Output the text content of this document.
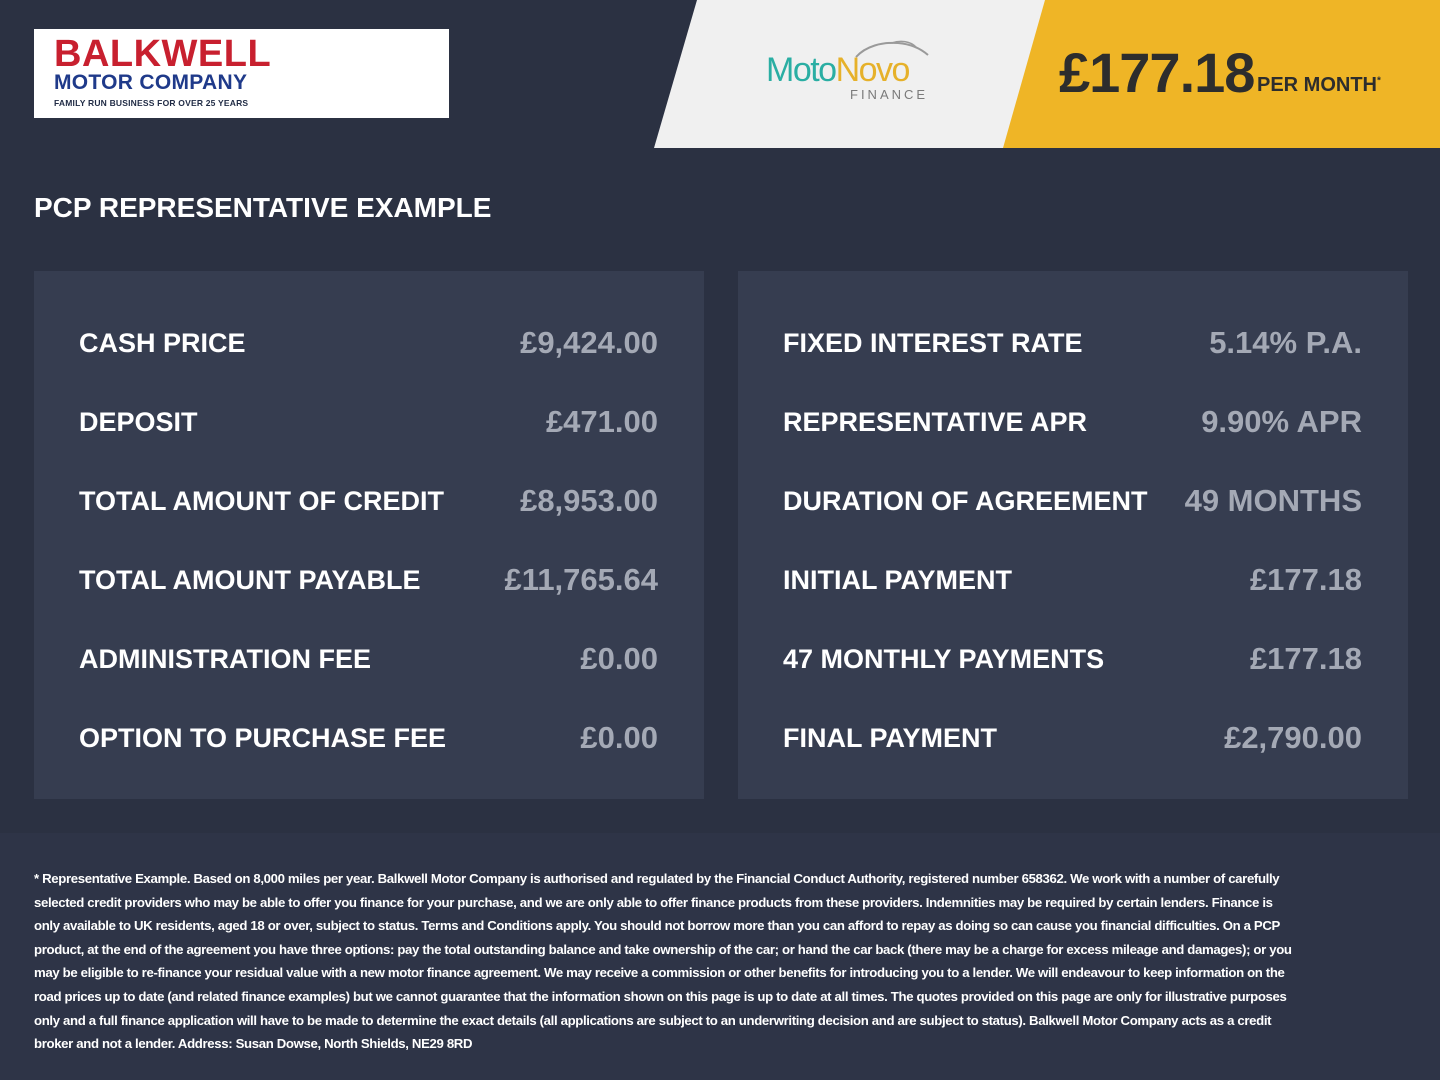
BALKWELL
MOTOR COMPANY
FAMILY RUN BUSINESS FOR OVER 25 YEARS
MotoNovo
FINANCE £177.18 PER MONTH*
PCP REPRESENTATIVE EXAMPLE
CASH PRICE	£9,424.00
DEPOSIT	£471.00
TOTAL AMOUNT OF CREDIT £8,953.00
TOTAL AMOUNT PAYABLE	£11,765.64
ADMINISTRATION FEE	£0.00
OPTION TO PURCHASE FEE	£0.00
FIXED INTEREST RATE	5.14% P.A.
REPRESENTATIVE APR	9.90% APR
DURATION OF AGREEMENT 49 MONTHS
INITIAL PAYMENT	£177.18
47 MONTHLY PAYMENTS	£177.18
FINAL PAYMENT	£2,790.00
* Representative Example. Based on 8,000 miles per year. Balkwell Motor Company is authorised and regulated by the Financial Conduct Authority, registered number 658362. We work with a number of carefully selected credit providers who may be able to offer you finance for your purchase, and we are only able to offer finance products from these providers. Indemnities may be required by certain lenders. Finance is only available to UK residents, aged 18 or over, subject to status. Terms and Conditions apply. You should not borrow more than you can afford to repay as doing so can cause you financial difficulties. On a PCP product, at the end of the agreement you have three options: pay the total outstanding balance and take ownership of the car; or hand the car back (there may be a charge for excess mileage and damages); or you may be eligible to re-finance your residual value with a new motor finance agreement. We may receive a commission or other benefits for introducing you to a lender. We will endeavour to keep information on the road prices up to date (and related finance examples) but we cannot guarantee that the information shown on this page is up to date at all times. The quotes provided on this page are only for illustrative purposes only and a full finance application will have to be made to determine the exact details (all applications are subject to an underwriting decision and are subject to status). Balkwell Motor Company acts as a credit broker and not a lender. Address: Susan Dowse, North Shields, NE29 8RD
